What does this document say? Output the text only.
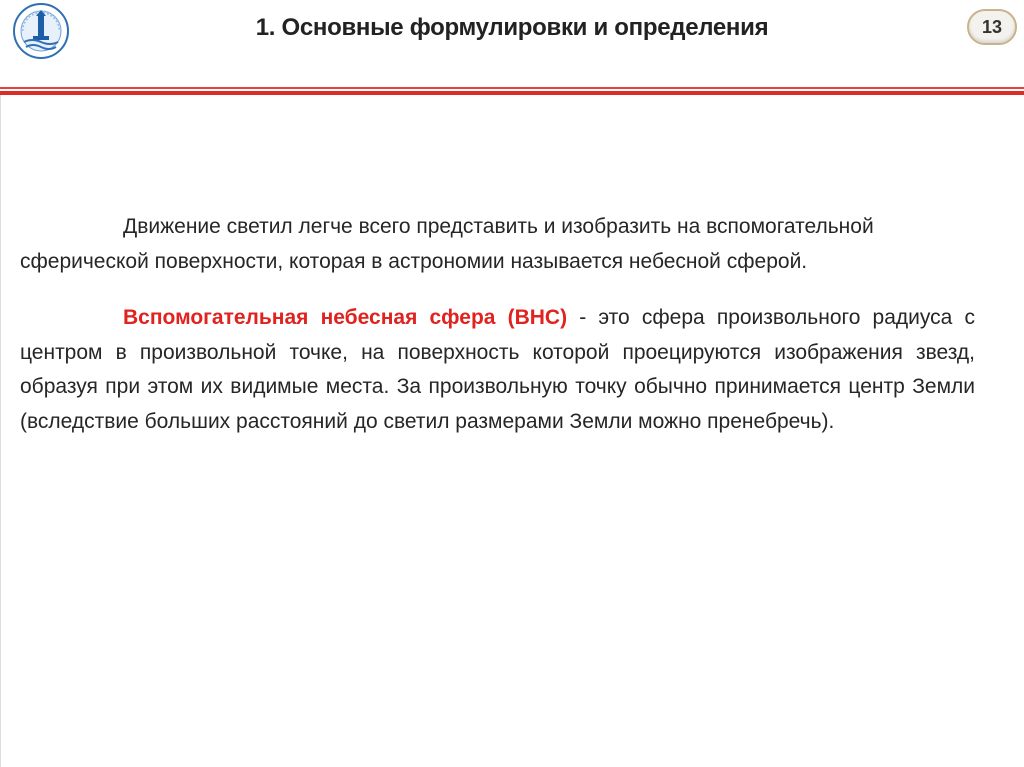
1. Основные формулировки и определения	13

Движение светил легче всего представить и изобразить на вспомогательной сферической поверхности, которая в астрономии называется небесной сферой.

Вспомогательная небесная сфера (ВНС) - это сфера произвольного радиуса с центром в произвольной точке, на поверхность которой проецируются изображения звезд, образуя при этом их видимые места. За произвольную точку обычно принимается центр Земли (вследствие больших расстояний до светил размерами Земли можно пренебречь).
